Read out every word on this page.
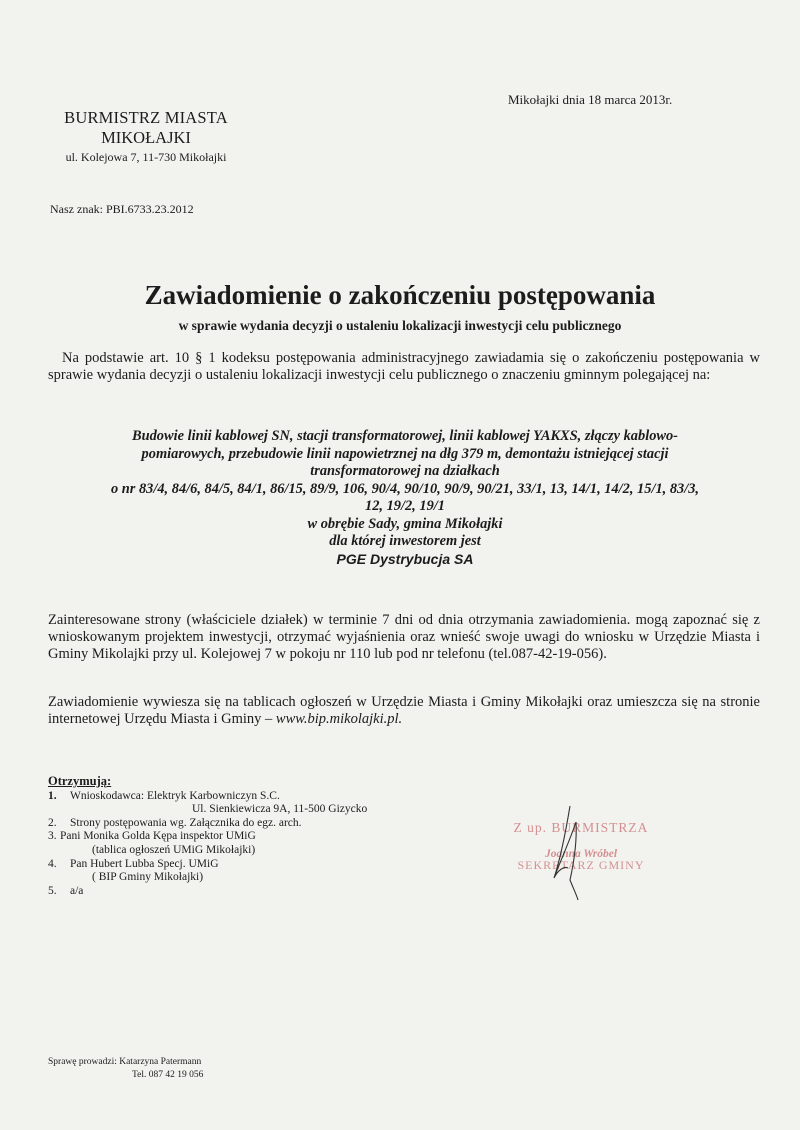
Mikołajki dnia 18 marca 2013r.
BURMISTRZ MIASTA
MIKOŁAJKI
ul. Kolejowa 7, 11-730 Mikołajki
Nasz znak: PBI.6733.23.2012
Zawiadomienie o zakończeniu postępowania
w sprawie wydania decyzji o ustaleniu lokalizacji inwestycji celu publicznego
Na podstawie art. 10 § 1 kodeksu postępowania administracyjnego zawiadamia się o zakończeniu postępowania w sprawie wydania decyzji o ustaleniu lokalizacji inwestycji celu publicznego o znaczeniu gminnym polegającej na:
Budowie linii kablowej SN, stacji transformatorowej, linii kablowej YAKXS, złączy kablowo-
pomiarowych, przebudowie linii napowietrznej na dłg 379 m, demontażu istniejącej stacji
transformatorowej na działkach
o nr 83/4, 84/6, 84/5, 84/1, 86/15, 89/9, 106, 90/4, 90/10, 90/9, 90/21, 33/1, 13, 14/1, 14/2, 15/1, 83/3,
12, 19/2, 19/1
w obrębie Sady, gmina Mikołajki
dla której inwestorem jest
PGE Dystrybucja SA
Zainteresowane strony (właściciele działek) w terminie 7 dni od dnia otrzymania zawiadomienia. mogą zapoznać się z wnioskowanym projektem inwestycji, otrzymać wyjaśnienia oraz wnieść swoje uwagi do wniosku w Urzędzie Miasta i Gminy Mikolajki przy ul. Kolejowej 7 w pokoju nr 110 lub pod nr telefonu (tel.087-42-19-056).
Zawiadomienie wywiesza się na tablicach ogłoszeń w Urzędzie Miasta i Gminy Mikołajki oraz umieszcza się na stronie internetowej Urzędu Miasta i Gminy – www.bip.mikolajki.pl.
Otrzymują:
1. Wnioskodawca: Elektryk Karbowniczyn S.C.
Ul. Sienkiewicza 9A, 11-500 Gizycko
2. Strony postępowania wg. Załącznika do egz. arch.
3. Pani Monika Golda Kępa inspektor UMiG
(tablica ogłoszeń UMiG Mikołajki)
4. Pan Hubert Lubba Specj. UMiG
( BIP Gminy Mikołajki)
5. a/a
Z up. BURMISTRZA
Joanna Wróbel
SEKRETARZ GMINY
Sprawę prowadzi: Katarzyna Patermann
Tel. 087 42 19 056
